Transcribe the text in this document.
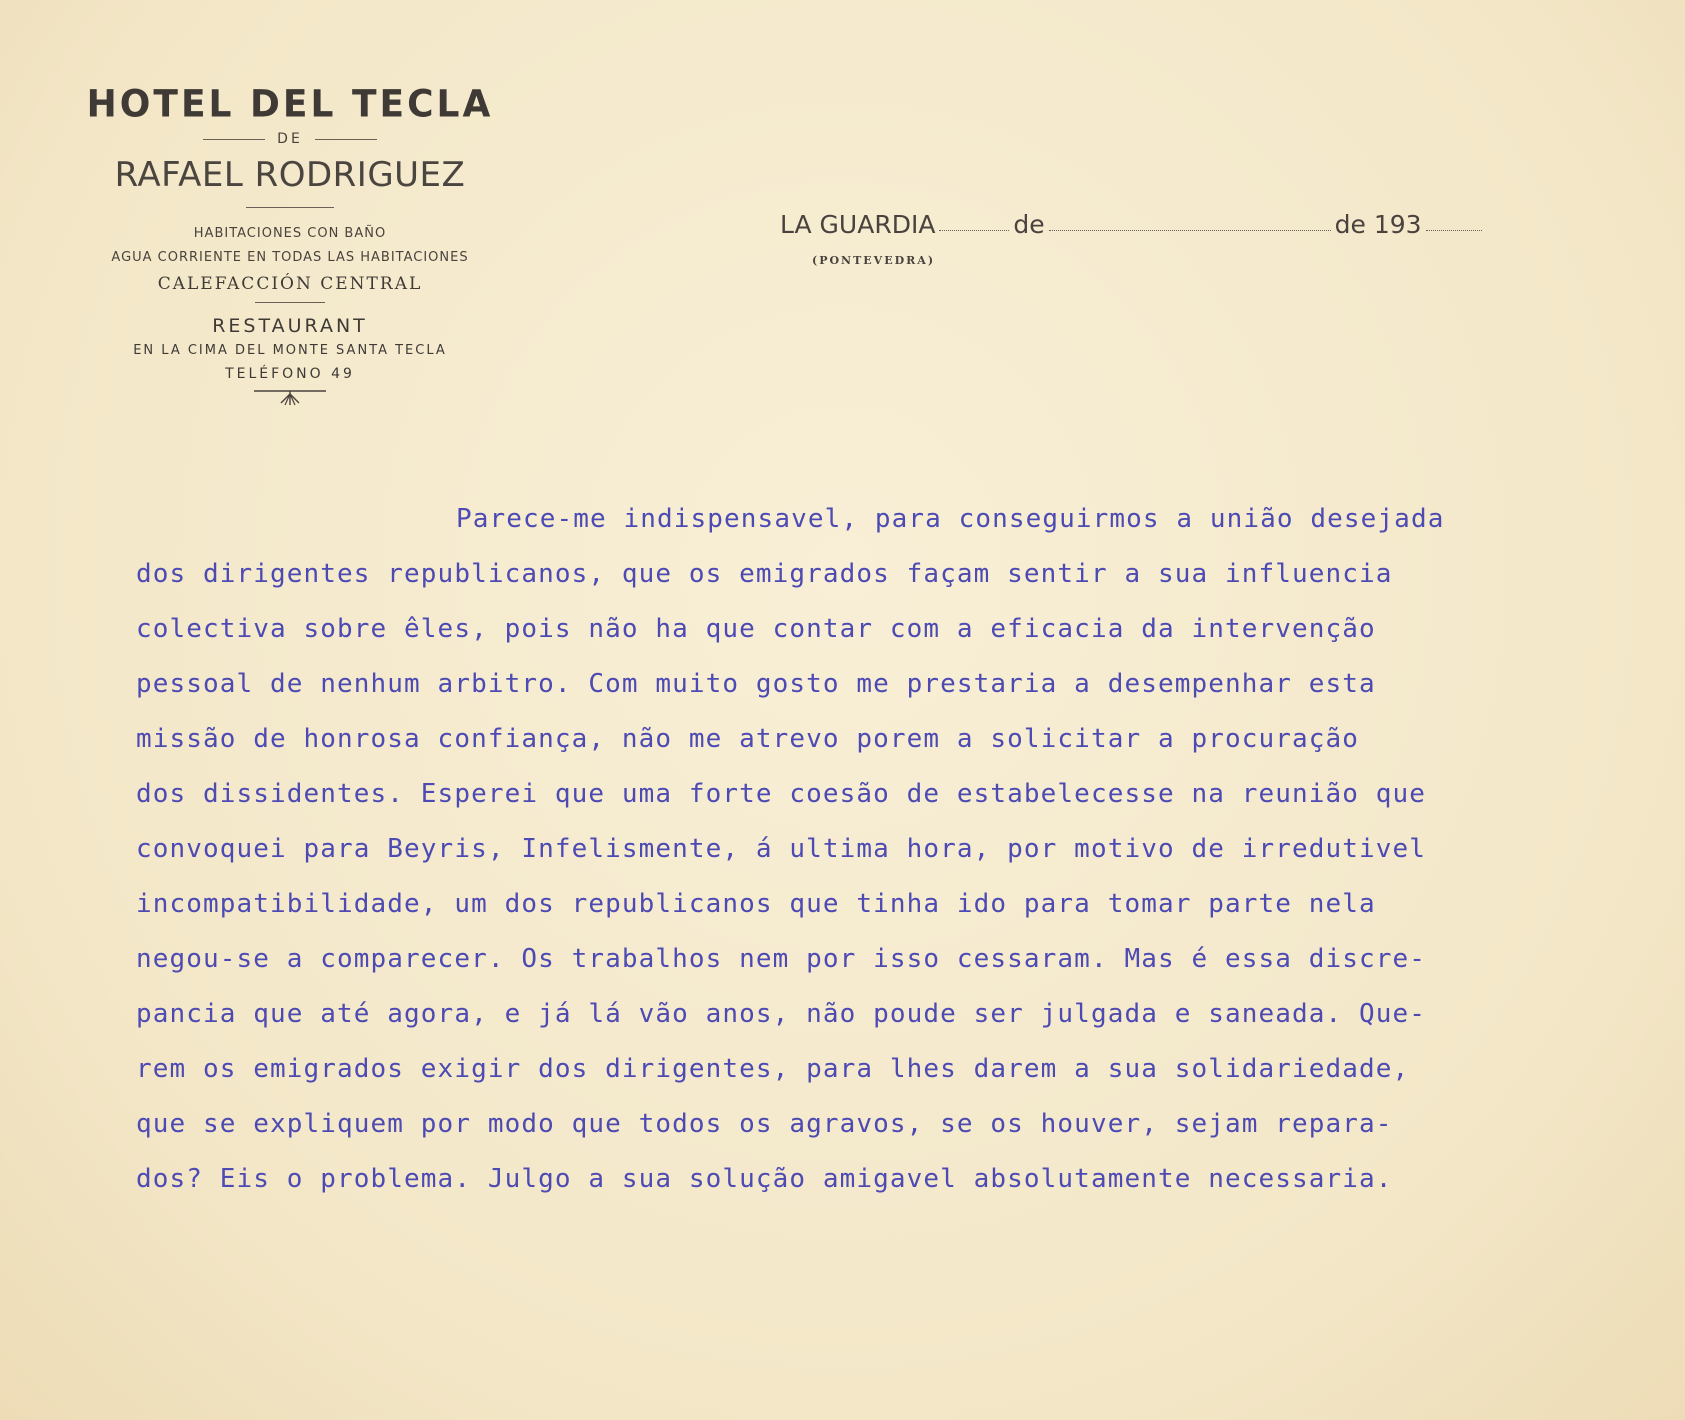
HOTEL DEL TECLA
DE
RAFAEL RODRIGUEZ
HABITACIONES CON BAÑO
AGUA CORRIENTE EN TODAS LAS HABITACIONES
CALEFACCIÓN CENTRAL
RESTAURANT
EN LA CIMA DEL MONTE SANTA TECLA
TELÉFONO 49
LA GUARDIA	de	de 193
(PONTEVEDRA)
Parece-me indispensavel, para conseguirmos a união desejada
dos dirigentes republicanos, que os emigrados façam sentir a sua influencia
colectiva sobre êles, pois não ha que contar com a eficacia da intervenção
pessoal de nenhum arbitro. Com muito gosto me prestaria a desempenhar esta
missão de honrosa confiança, não me atrevo porem a solicitar a procuração
dos dissidentes. Esperei que uma forte coesão de estabelecesse na reunião que
convoquei para Beyris, Infelismente, á ultima hora, por motivo de irredutivel
incompatibilidade, um dos republicanos que tinha ido para tomar parte nela
negou-se a comparecer. Os trabalhos nem por isso cessaram. Mas é essa discre-
pancia que até agora, e já lá vão anos, não poude ser julgada e saneada. Que-
rem os emigrados exigir dos dirigentes, para lhes darem a sua solidariedade,
que se expliquem por modo que todos os agravos, se os houver, sejam repara-
dos? Eis o problema. Julgo a sua solução amigavel absolutamente necessaria.
